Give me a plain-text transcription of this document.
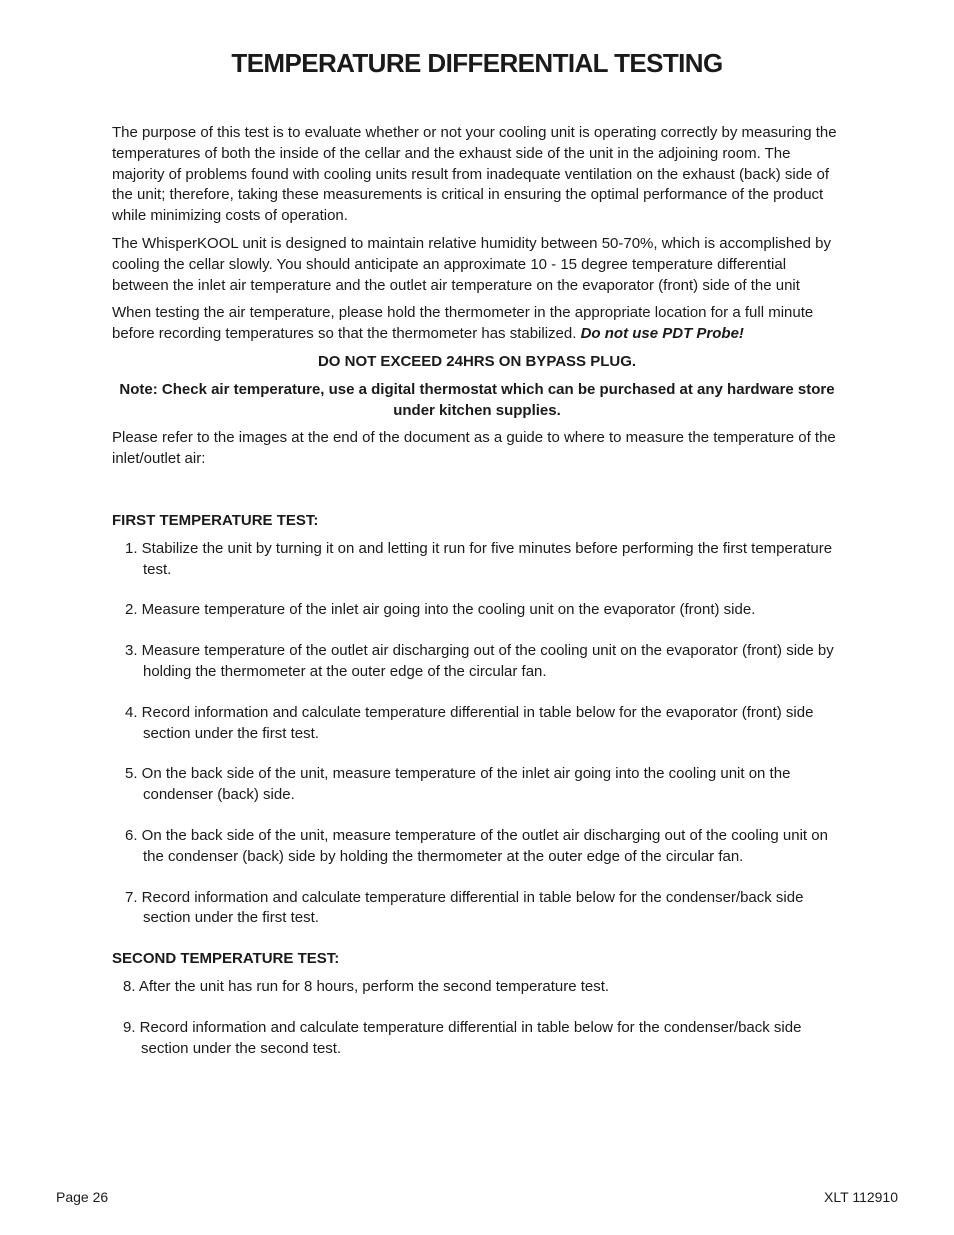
TEMPERATURE DIFFERENTIAL TESTING

The purpose of this test is to evaluate whether or not your cooling unit is operating correctly by measuring the temperatures of both the inside of the cellar and the exhaust side of the unit in the adjoining room. The majority of problems found with cooling units result from inadequate ventilation on the exhaust (back) side of the unit; therefore, taking these measurements is critical in ensuring the optimal performance of the product while minimizing costs of operation.

The WhisperKOOL unit is designed to maintain relative humidity between 50-70%, which is accomplished by cooling the cellar slowly. You should anticipate an approximate 10 - 15 degree temperature differential between the inlet air temperature and the outlet air temperature on the evaporator (front) side of the unit

When testing the air temperature, please hold the thermometer in the appropriate location for a full minute before recording temperatures so that the thermometer has stabilized. Do not use PDT Probe!

DO NOT EXCEED 24HRS ON BYPASS PLUG.

Note: Check air temperature, use a digital thermostat which can be purchased at any hardware store under kitchen supplies.

Please refer to the images at the end of the document as a guide to where to measure the temperature of the inlet/outlet air:

FIRST TEMPERATURE TEST:

1. Stabilize the unit by turning it on and letting it run for five minutes before performing the first temperature test.
2. Measure temperature of the inlet air going into the cooling unit on the evaporator (front) side.
3. Measure temperature of the outlet air discharging out of the cooling unit on the evaporator (front) side by holding the thermometer at the outer edge of the circular fan.
4. Record information and calculate temperature differential in table below for the evaporator (front) side section under the first test.
5. On the back side of the unit, measure temperature of the inlet air going into the cooling unit on the condenser (back) side.
6. On the back side of the unit, measure temperature of the outlet air discharging out of the cooling unit on the condenser (back) side by holding the thermometer at the outer edge of the circular fan.
7. Record information and calculate temperature differential in table below for the condenser/back side section under the first test.

SECOND TEMPERATURE TEST:

8. After the unit has run for 8 hours, perform the second temperature test.
9. Record information and calculate temperature differential in table below for the condenser/back side section under the second test.
Page 26	XLT 112910
